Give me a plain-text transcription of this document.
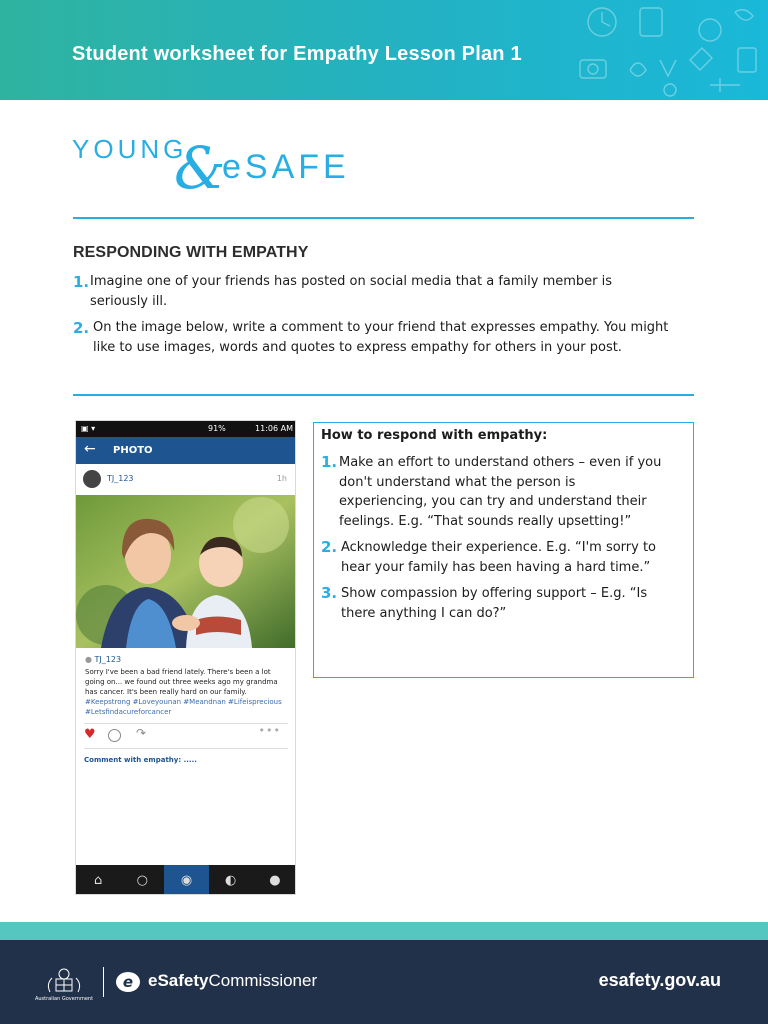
Student worksheet for Empathy Lesson Plan 1
YOUNG
&
eSAFE
RESPONDING WITH EMPATHY
1. Imagine one of your friends has posted on social media that a family member is seriously ill.
2. On the image below, write a comment to your friend that expresses empathy. You might like to use images, words and quotes to express empathy for others in your post.
▣ ▾	91%	11:06 AM
← PHOTO
TJ_123	1h
● TJ_123
Sorry I've been a bad friend lately. There's been a lot going on... we found out three weeks ago my grandma has cancer. It's been really hard on our family.
#Keepstrong #Loveyounan #Meandnan #Lifeisprecious #Letsfindacureforcancer
♥	↷	•••
Comment with empathy: .....
⌂	○	◉	◐	●
How to respond with empathy:
1. Make an effort to understand others – even if you don't understand what the person is experiencing, you can try and understand their feelings. E.g. “That sounds really upsetting!”
2. Acknowledge their experience. E.g. “I'm sorry to hear your family has been having a hard time.”
3. Show compassion by offering support – E.g. “Is there anything I can do?”
Australian Government
e eSafetyCommissioner	esafety.gov.au
